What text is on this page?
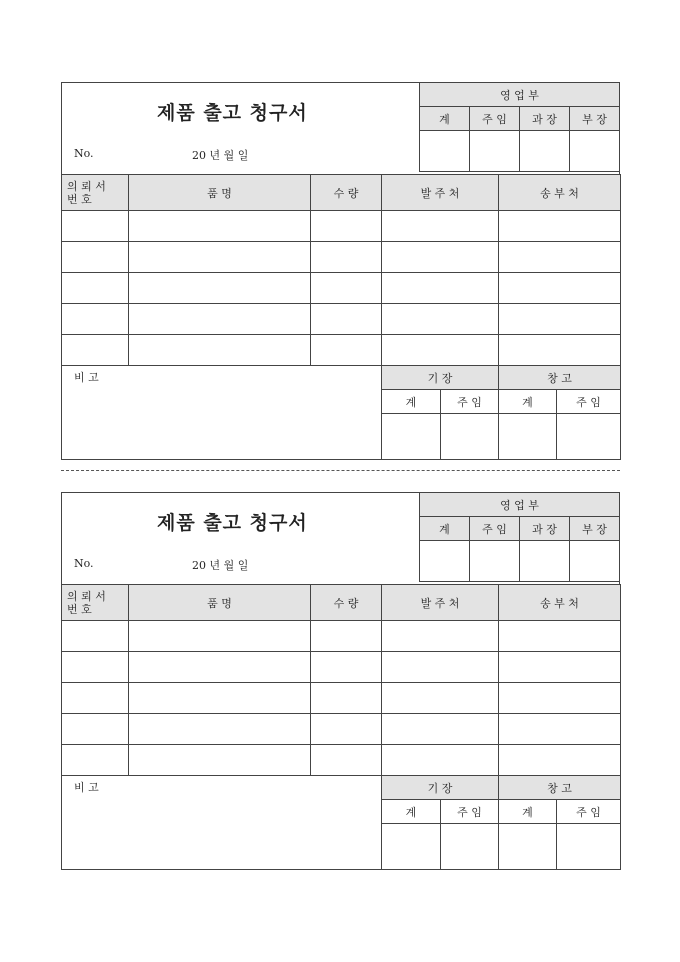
제품 출고 청구서
No.	20 년 월 일
영 업 부			
계	주 임	과 장	부 장

의 뢰 서
번 호	품 명	수 량	발 주 처		송 부 처	

비 고			기 장		창 고	
			계	주 임	계	주 임

제품 출고 청구서
No.	20 년 월 일
영 업 부			
계	주 임	과 장	부 장

의 뢰 서
번 호	품 명	수 량	발 주 처		송 부 처	

비 고			기 장		창 고	
			계	주 임	계	주 임
